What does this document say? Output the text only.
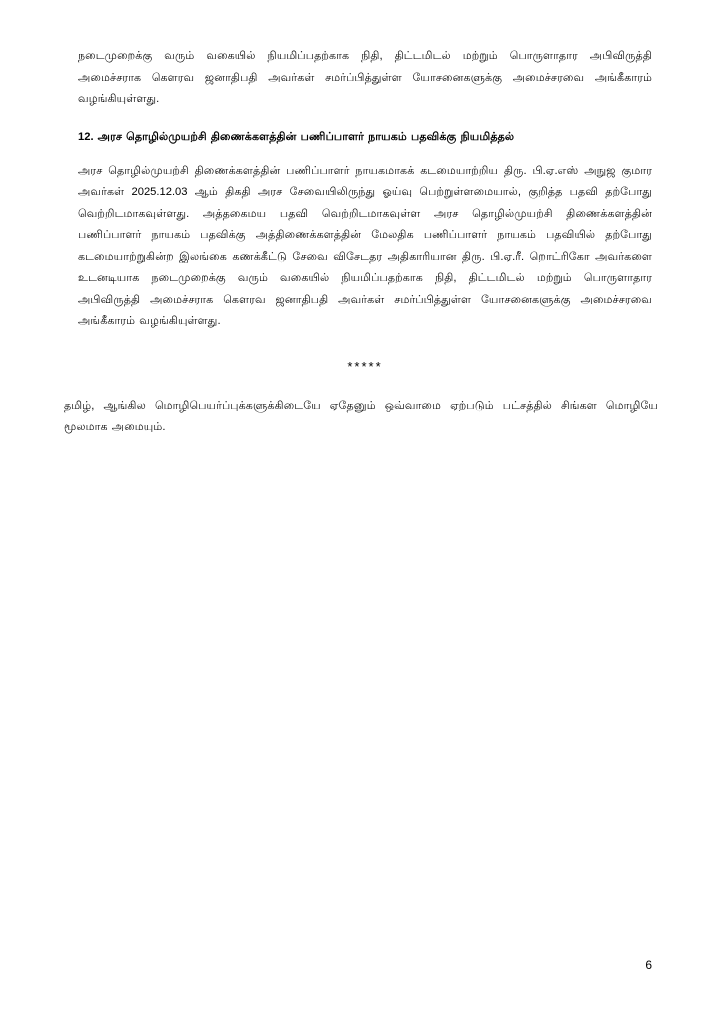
நடைமுறைக்கு வரும் வகையில் நியமிப்பதற்காக நிதி, திட்டமிடல் மற்றும் பொருளாதார அபிவிருத்தி அமைச்சராக கௌரவ ஜனாதிபதி அவர்கள் சமர்ப்பித்துள்ள யோசனைகளுக்கு அமைச்சரவை அங்கீகாரம் வழங்கியுள்ளது.

12. அரச தொழில்முயற்சி திணைக்களத்தின் பணிப்பாளர் நாயகம் பதவிக்கு நியமித்தல்

அரச தொழில்முயற்சி திணைக்களத்தின் பணிப்பாளர் நாயகமாகக் கடமையாற்றிய திரு. பி.ஏ.எஸ் அநுஜ குமார அவர்கள் 2025.12.03 ஆம் திகதி அரச சேவையிலிருந்து ஓய்வு பெற்றுள்ளமையால், குறித்த பதவி தற்போது வெற்றிடமாகவுள்ளது. அத்தகைமய பதவி வெற்றிடமாகவுள்ள அரச தொழில்முயற்சி திணைக்களத்தின் பணிப்பாளர் நாயகம் பதவிக்கு அத்திணைக்களத்தின் மேலதிக பணிப்பாளர் நாயகம் பதவியில் தற்போது கடமையாற்றுகின்ற இலங்கை கணக்கீட்டு சேவை விசேடதர அதிகாரியான திரு. பி.ஏ.ரீ. றொட்ரிகோ அவர்களை உடனடியாக நடைமுறைக்கு வரும் வகையில் நியமிப்பதற்காக நிதி, திட்டமிடல் மற்றும் பொருளாதார அபிவிருத்தி அமைச்சராக கௌரவ ஜனாதிபதி அவர்கள் சமர்ப்பித்துள்ள யோசனைகளுக்கு அமைச்சரவை அங்கீகாரம் வழங்கியுள்ளது.

*****

தமிழ், ஆங்கில மொழிபெயர்ப்புக்களுக்கிடையே ஏதேனும் ஒவ்வாமை ஏற்படும் பட்சத்தில் சிங்கள மொழியே மூலமாக அமையும்.

6
